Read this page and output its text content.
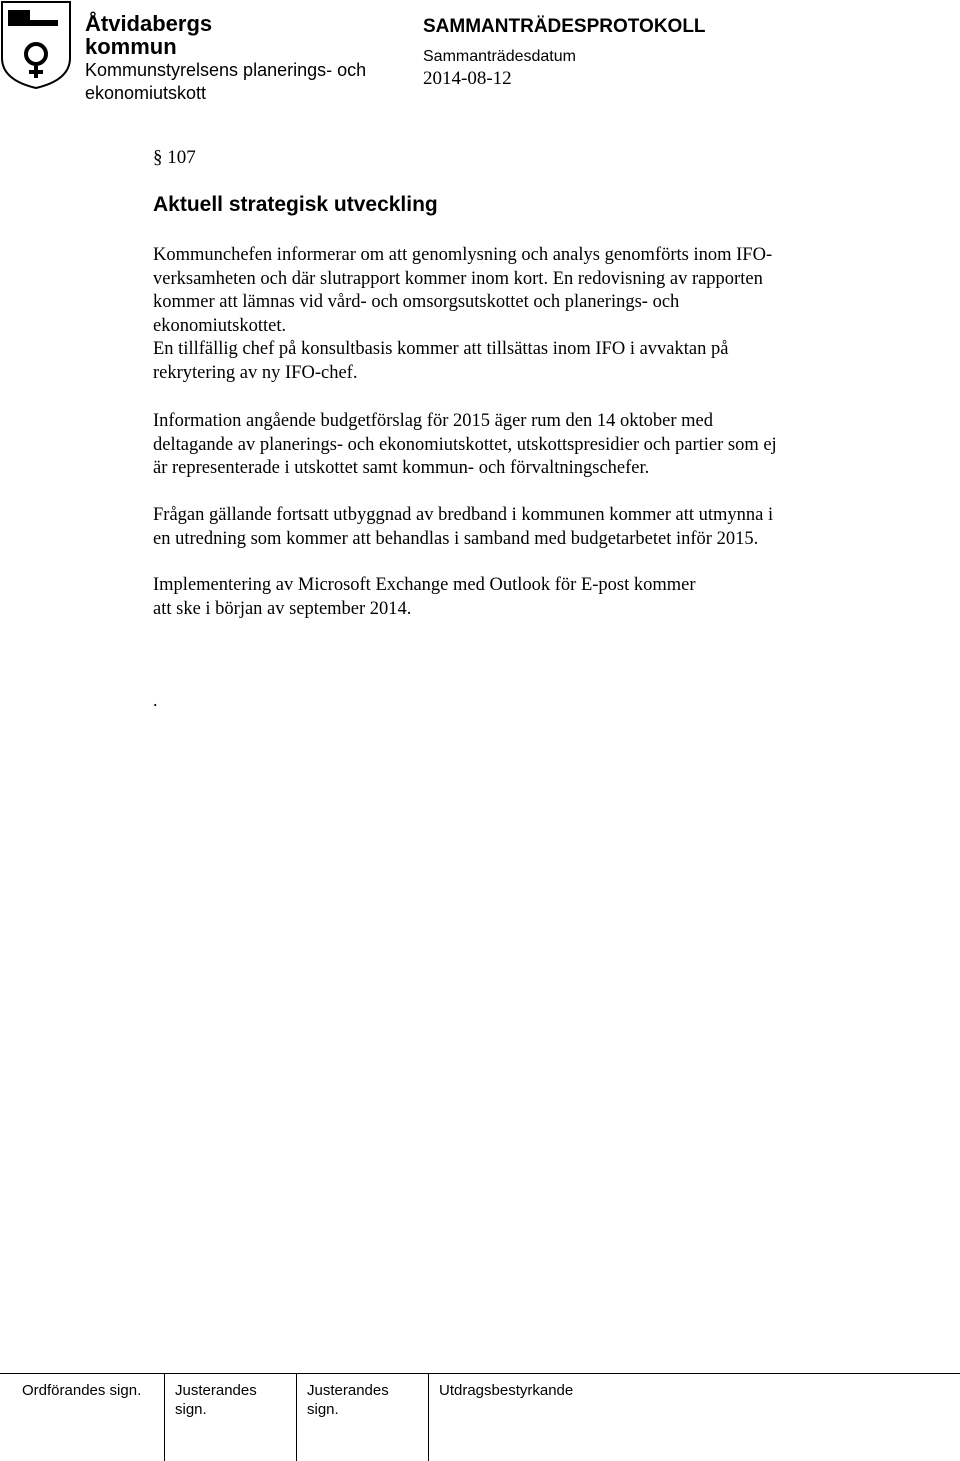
Åtvidabergs
kommun
Kommunstyrelsens planerings- och
ekonomiutskott
SAMMANTRÄDESPROTOKOLL
Sammanträdesdatum
2014-08-12
§ 107
Aktuell strategisk utveckling
Kommunchefen informerar om att genomlysning och analys genomförts inom IFO-
verksamheten och där slutrapport kommer inom kort. En redovisning av rapporten
kommer att lämnas vid vård- och omsorgsutskottet och planerings- och
ekonomiutskottet.
En tillfällig chef på konsultbasis kommer att tillsättas inom IFO i avvaktan på
rekrytering av ny IFO-chef.
Information angående budgetförslag för 2015 äger rum den 14 oktober med
deltagande av planerings- och ekonomiutskottet, utskottspresidier och partier som ej
är representerade i utskottet samt kommun- och förvaltningschefer.
Frågan gällande fortsatt utbyggnad av bredband i kommunen kommer att utmynna i
en utredning som kommer att behandlas i samband med budgetarbetet inför 2015.
Implementering av Microsoft Exchange med Outlook för E-post kommer
att ske i början av september 2014.
.
Ordförandes sign. Justerandes
sign.
Justerandes
sign.
Utdragsbestyrkande
